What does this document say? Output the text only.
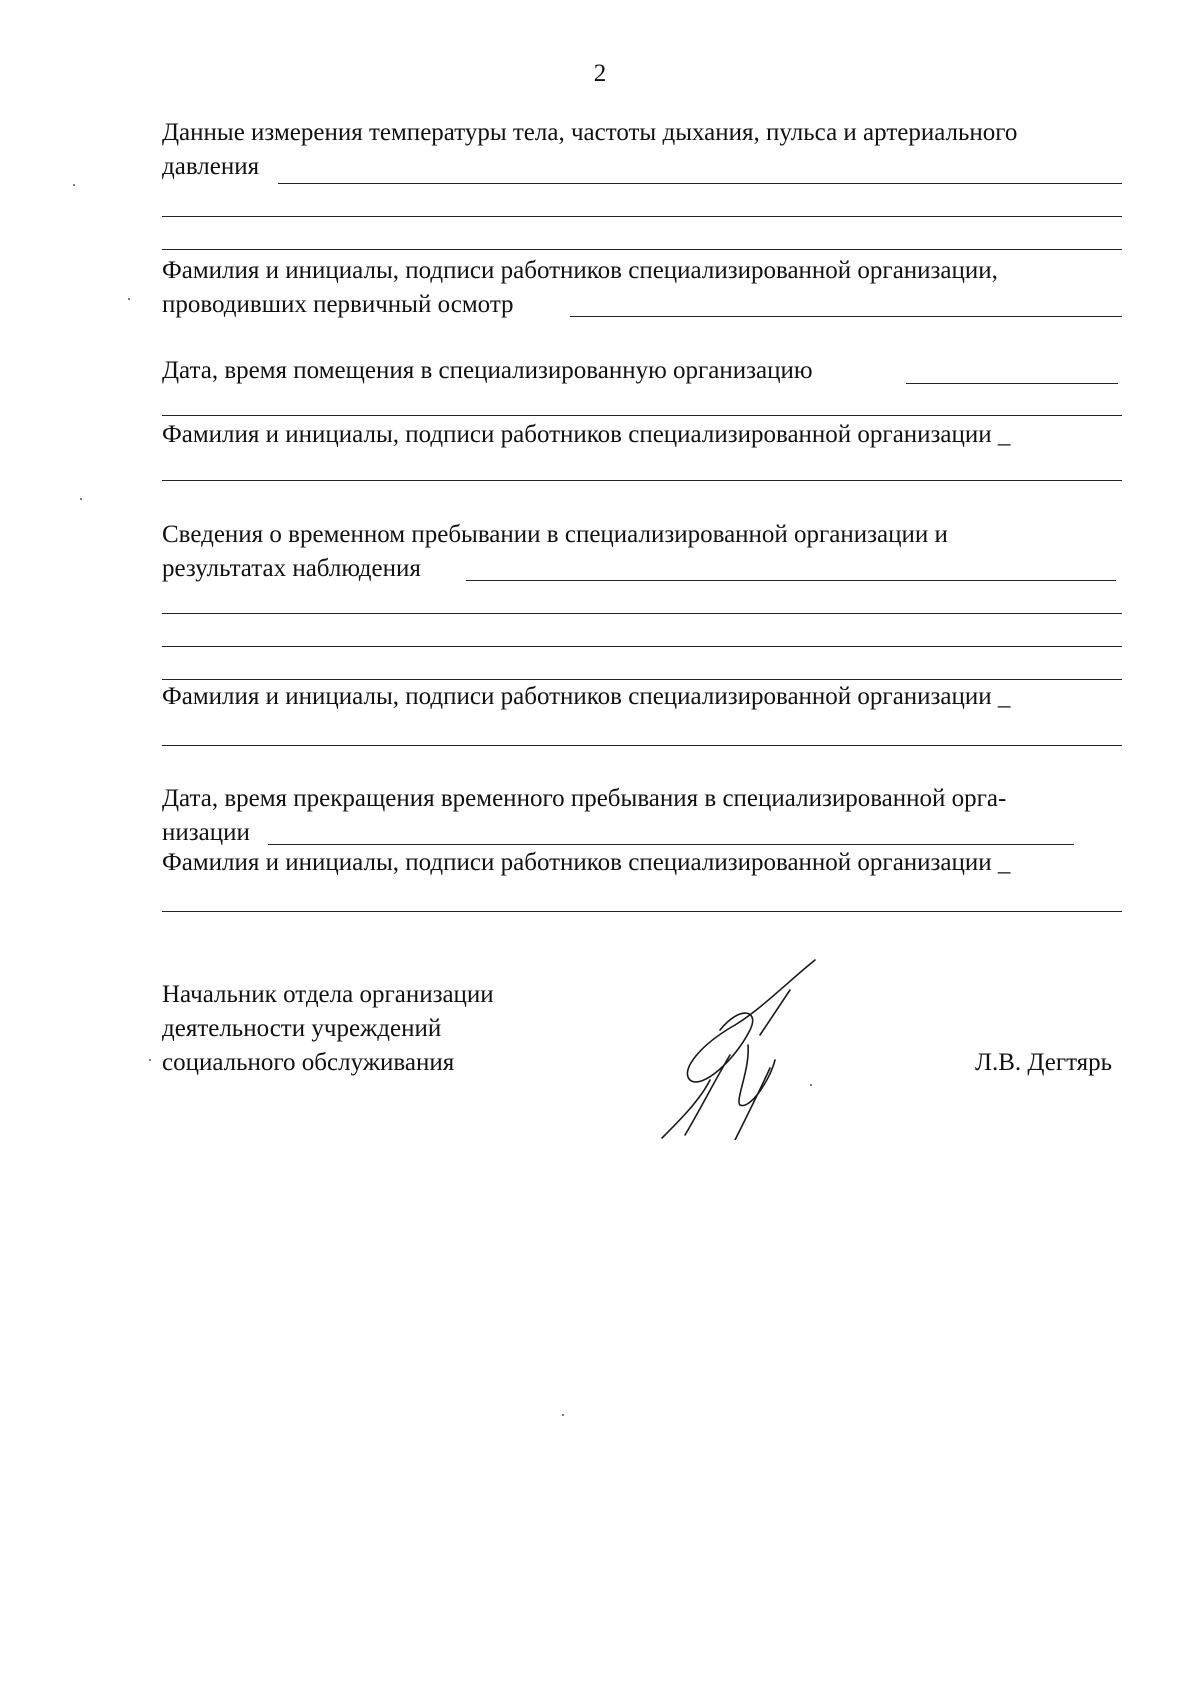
2
Данные измерения температуры тела, частоты дыхания, пульса и артериального
давления
Фамилия и инициалы, подписи работников специализированной организации,
проводивших первичный осмотр
Дата, время помещения в специализированную организацию
Фамилия и инициалы, подписи работников специализированной организации _
Сведения о временном пребывании в специализированной организации и
результатах наблюдения
Фамилия и инициалы, подписи работников специализированной организации _
Дата, время прекращения временного пребывания в специализированной орга-
низации
Фамилия и инициалы, подписи работников специализированной организации _
Начальник отдела организации
деятельности учреждений
социального обслуживания	Л.В. Дегтярь
